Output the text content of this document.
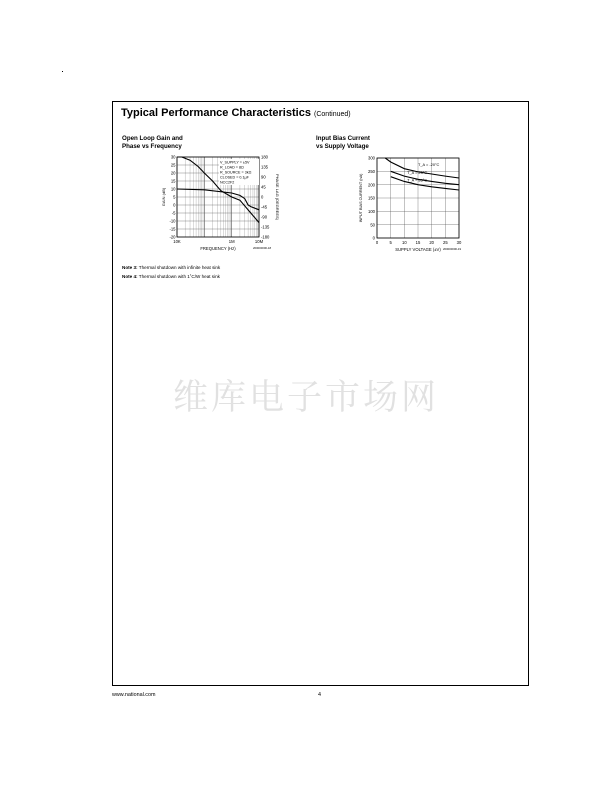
Typical Performance Characteristics (Continued)
Open Loop Gain and
Phase vs Frequency
30
25
20
15
10
5
0
-5
-10
-15
-20
180
135
90
45
0
-45
-90
-135
-180
10K	1M	10M
FREQUENCY (Hz)
GAIN (dB)	PHASE LAG (DEGREES)
V_SUPPLY = ±5V
R_LOAD = 8Ω
R_SOURCE = 3kΩ
CLOSED = 0.1µF
NCC2F2
200000000-18
Input Bias Current
vs Supply Voltage
0	5 10 15 20 25 30
300
250
200
150
100
50
0
SUPPLY VOLTAGE (±V)
INPUT BIAS CURRENT (nA)
T_A = -20°C
T_A = 25°C
T_A = 85°C
200000000-19
Note 3: Thermal shutdown with infinite heat sink
Note 4: Thermal shutdown with 1˚C/W heat sink
维库电子市场网
www.national.com	4
